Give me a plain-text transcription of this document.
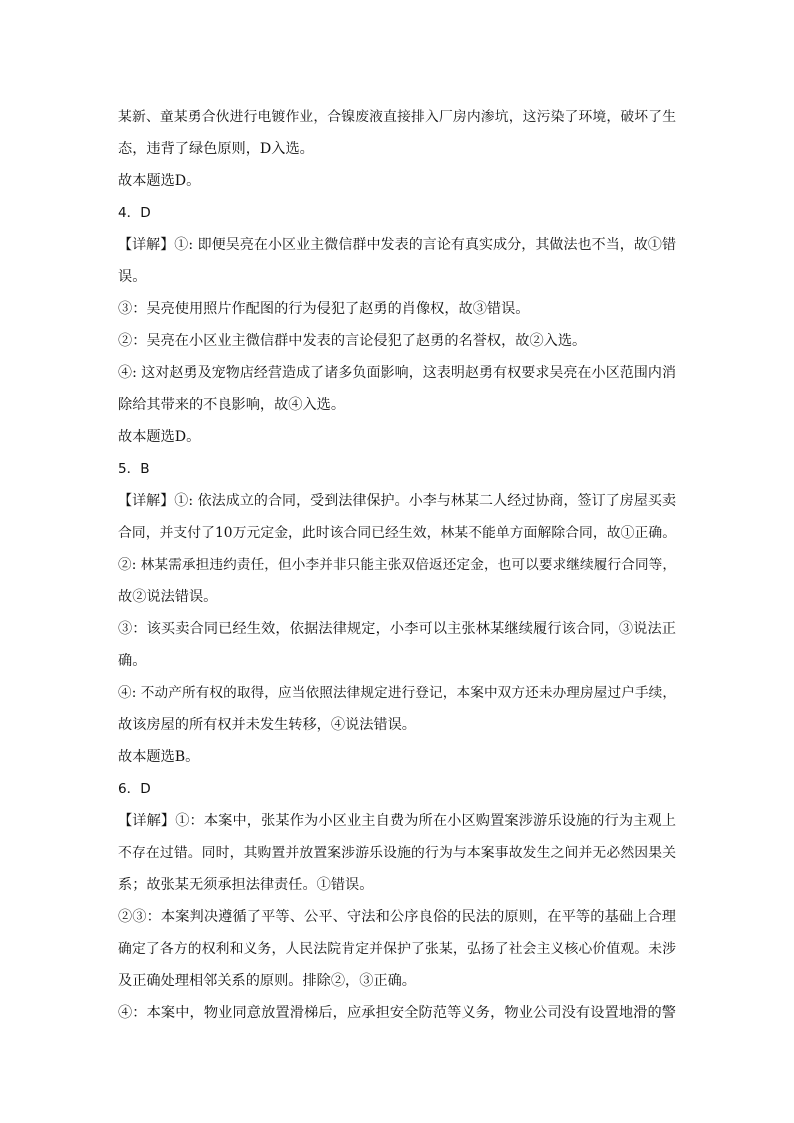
某新、童某勇合伙进行电镀作业，合镍废液直接排入厂房内渗坑，这污染了环境，破坏了生
态，违背了绿色原则，D入选。
故本题选D。
4．D
【详解】①: 即便吴亮在小区业主微信群中发表的言论有真实成分，其做法也不当，故①错
误。
③：吴亮使用照片作配图的行为侵犯了赵勇的肖像权，故③错误。
②：吴亮在小区业主微信群中发表的言论侵犯了赵勇的名誉权，故②入选。
④: 这对赵勇及宠物店经营造成了诸多负面影响，这表明赵勇有权要求吴亮在小区范围内消
除给其带来的不良影响，故④入选。
故本题选D。
5．B
【详解】①: 依法成立的合同，受到法律保护。小李与林某二人经过协商，签订了房屋买卖
合同，并支付了10万元定金，此时该合同已经生效，林某不能单方面解除合同，故①正确。
②: 林某需承担违约责任，但小李并非只能主张双倍返还定金，也可以要求继续履行合同等，
故②说法错误。
③：该买卖合同已经生效，依据法律规定，小李可以主张林某继续履行该合同，③说法正
确。
④: 不动产所有权的取得，应当依照法律规定进行登记，本案中双方还未办理房屋过户手续，
故该房屋的所有权并未发生转移，④说法错误。
故本题选B。
6．D
【详解】①：本案中，张某作为小区业主自费为所在小区购置案涉游乐设施的行为主观上
不存在过错。同时，其购置并放置案涉游乐设施的行为与本案事故发生之间并无必然因果关
系；故张某无须承担法律责任。①错误。
②③：本案判决遵循了平等、公平、守法和公序良俗的民法的原则，在平等的基础上合理
确定了各方的权利和义务，人民法院肯定并保护了张某，弘扬了社会主义核心价值观。未涉
及正确处理相邻关系的原则。排除②，③正确。
④：本案中，物业同意放置滑梯后，应承担安全防范等义务，物业公司没有设置地滑的警
